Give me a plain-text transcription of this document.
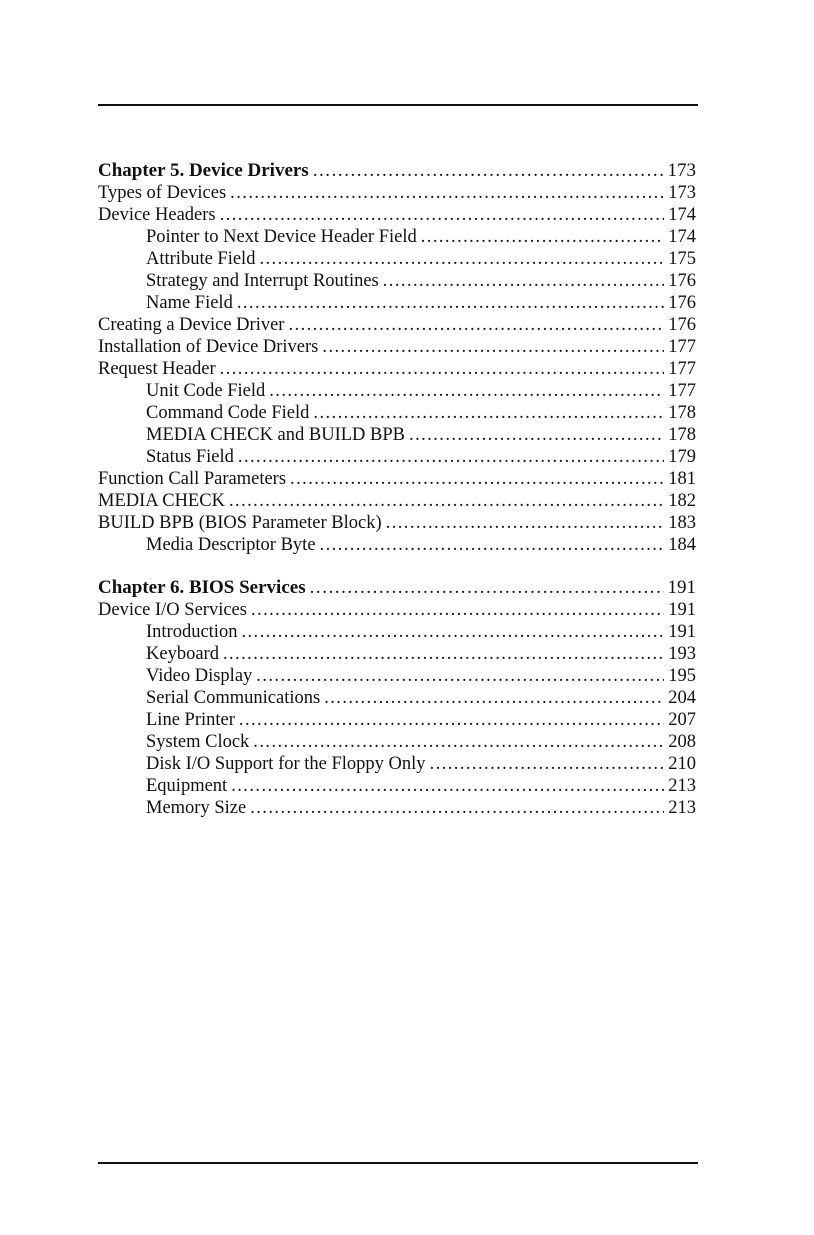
Chapter 5. Device Drivers . . .	173
Types of Devices . . .	173
Device Headers . . .	174
Pointer to Next Device Header Field . . .	174
Attribute Field . . .	175
Strategy and Interrupt Routines . . .	176
Name Field . . .	176
Creating a Device Driver . . .	176
Installation of Device Drivers . . .	177
Request Header . . .	177
Unit Code Field . . .	177
Command Code Field . . .	178
MEDIA CHECK and BUILD BPB . . .	178
Status Field . . .	179
Function Call Parameters . . .	181
MEDIA CHECK . . .	182
BUILD BPB (BIOS Parameter Block) . . .	183
Media Descriptor Byte . . .	184
Chapter 6. BIOS Services . . .	191
Device I/O Services . . .	191
Introduction . . .	191
Keyboard . . .	193
Video Display . . .	195
Serial Communications . . .	204
Line Printer . . .	207
System Clock . . .	208
Disk I/O Support for the Floppy Only . . .	210
Equipment . . .	213
Memory Size . . .	213
